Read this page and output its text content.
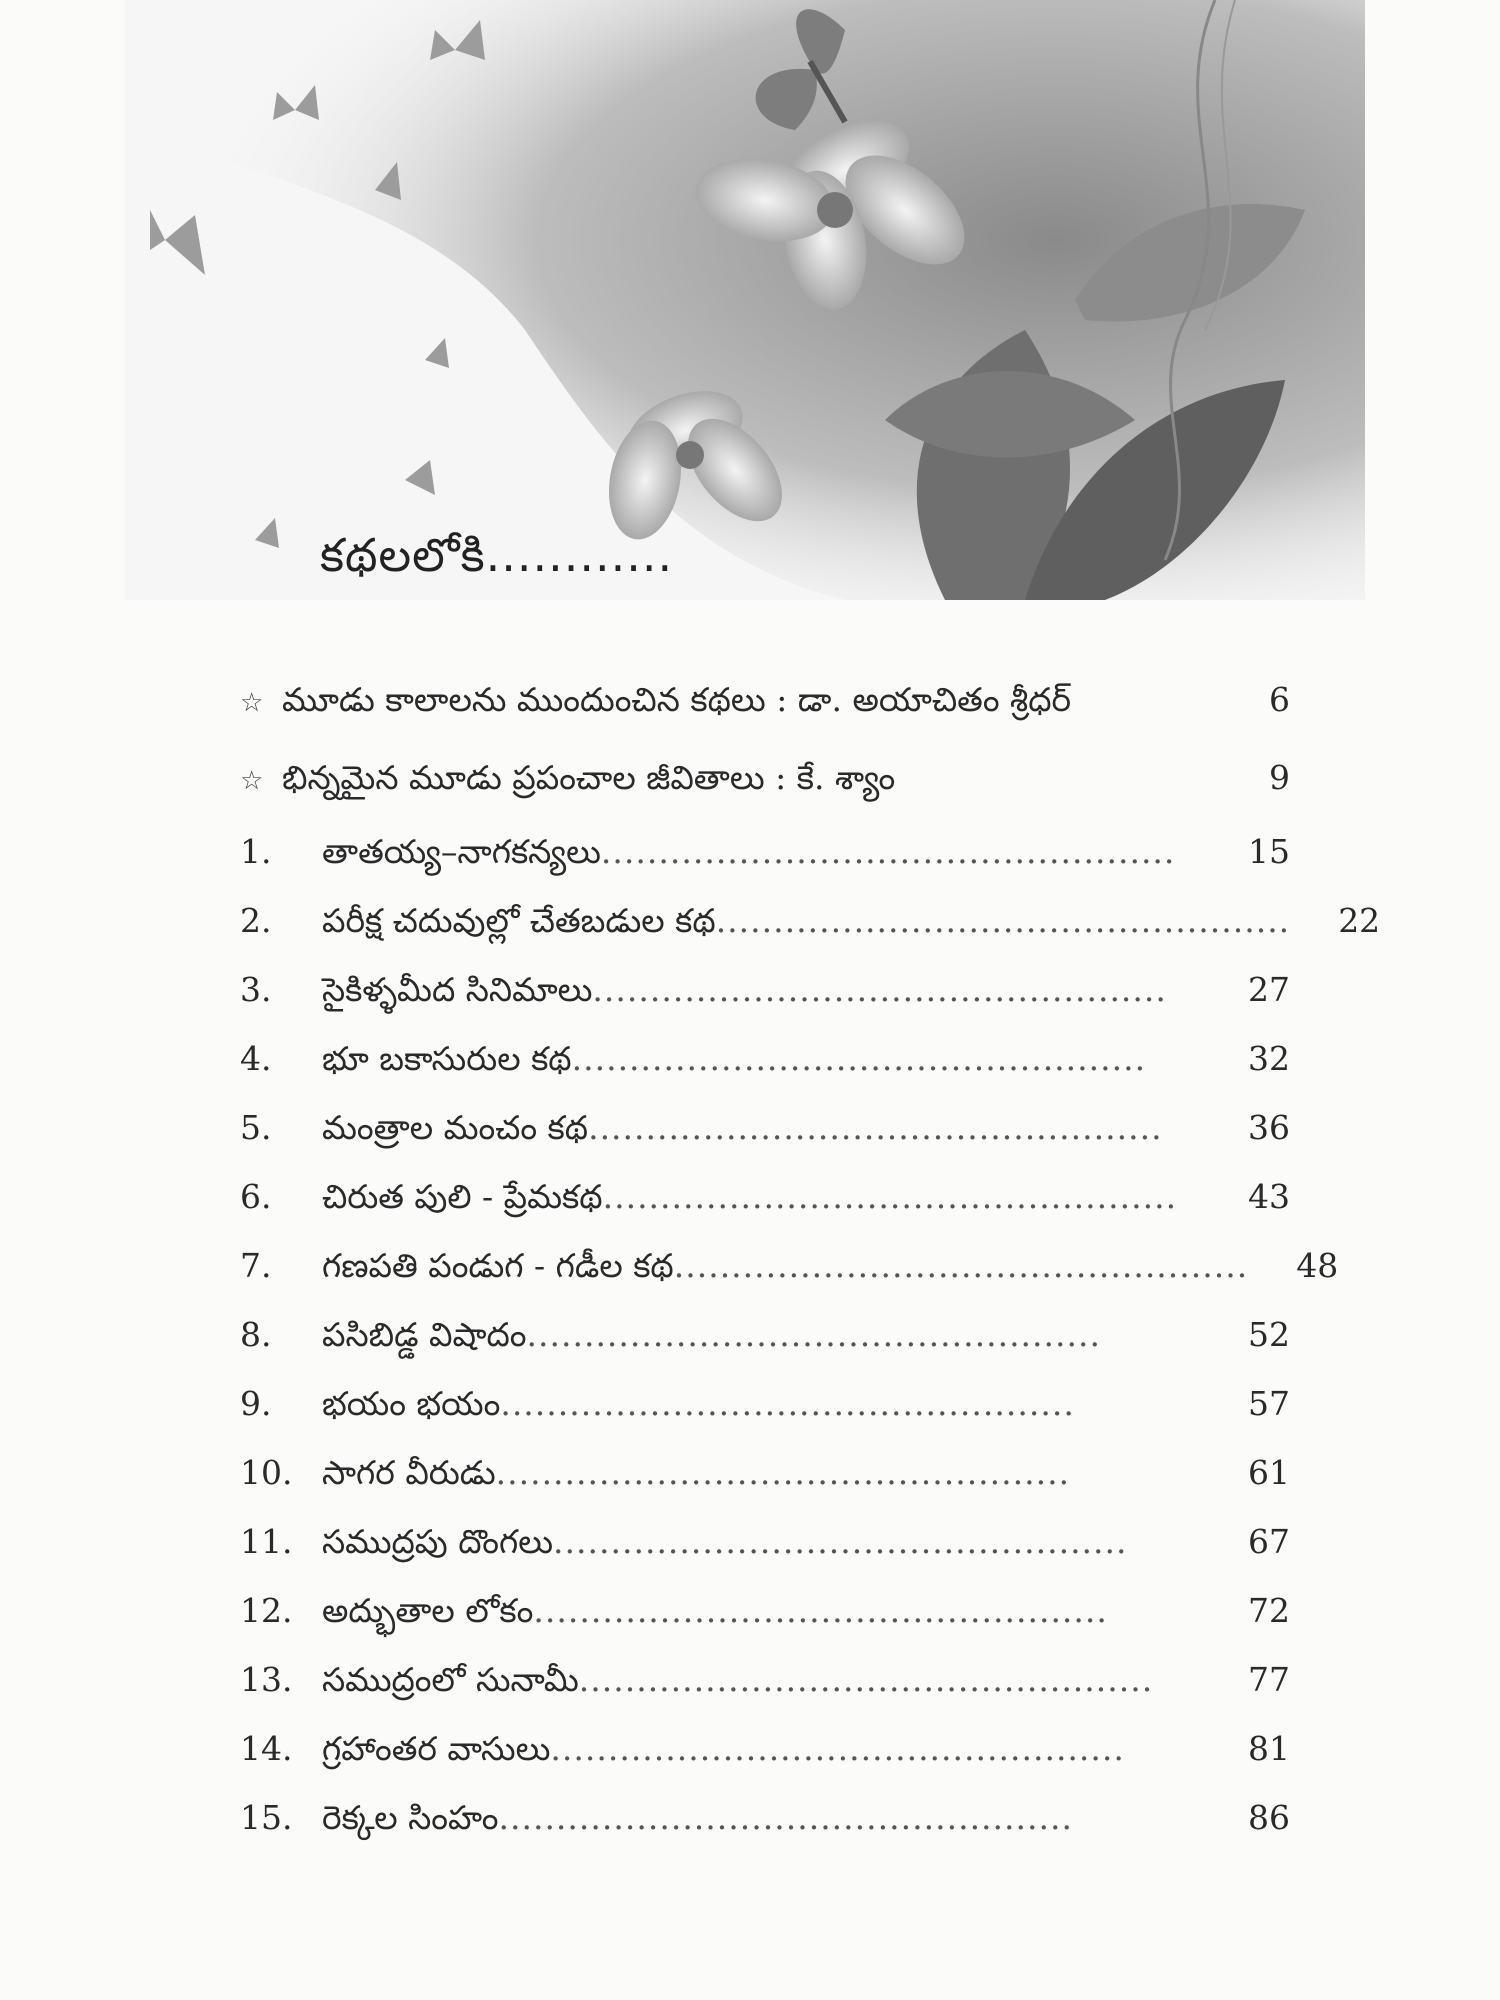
కథలలోకి............
☆ మూడు కాలాలను ముందుంచిన కథలు : డా. అయాచితం శ్రీధర్	6
☆ భిన్నమైన మూడు ప్రపంచాల జీవితాలు : కే. శ్యాం	9
1.	తాతయ్య–నాగకన్యలు..................................................	15
2.	పరీక్ష చదువుల్లో చేతబడుల కథ..................................................	22
3.	సైకిళ్ళమీద సినిమాలు..................................................	27
4.	భూ బకాసురుల కథ..................................................	32
5.	మంత్రాల మంచం కథ..................................................	36
6.	చిరుత పులి - ప్రేమకథ..................................................	43
7.	గణపతి పండుగ - గడీల కథ..................................................	48
8.	పసిబిడ్డ విషాదం..................................................	52
9.	భయం భయం..................................................	57
10. సాగర వీరుడు..................................................	61
11. సముద్రపు దొంగలు..................................................	67
12. అద్భుతాల లోకం..................................................	72
13. సముద్రంలో సునామీ..................................................	77
14. గ్రహాంతర వాసులు..................................................	81
15. రెక్కల సింహం..................................................	86
